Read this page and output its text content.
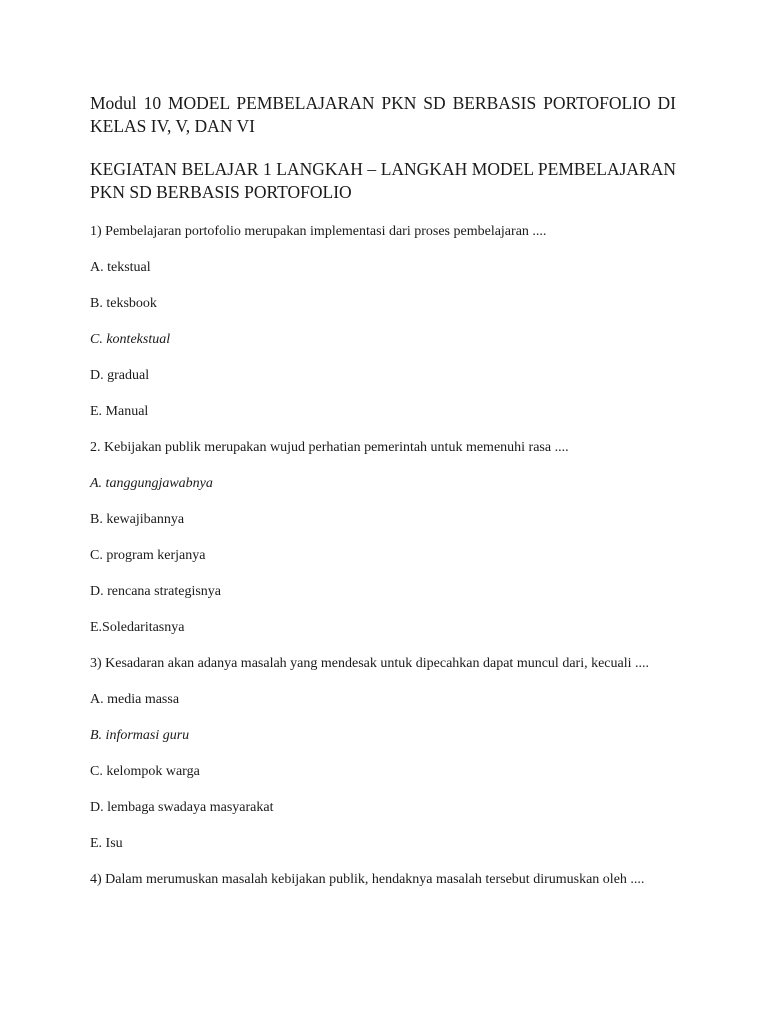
Modul 10 MODEL PEMBELAJARAN PKN SD BERBASIS PORTOFOLIO DI KELAS IV, V, DAN VI
KEGIATAN BELAJAR 1 LANGKAH – LANGKAH MODEL PEMBELAJARAN PKN SD BERBASIS PORTOFOLIO

1) Pembelajaran portofolio merupakan implementasi dari proses pembelajaran ....

A. tekstual

B. teksbook

C. kontekstual

D. gradual

E. Manual

2. Kebijakan publik merupakan wujud perhatian pemerintah untuk memenuhi rasa ....

A. tanggungjawabnya

B. kewajibannya

C. program kerjanya

D. rencana strategisnya

E.Soledaritasnya

3) Kesadaran akan adanya masalah yang mendesak untuk dipecahkan dapat muncul dari, kecuali ....

A. media massa

B. informasi guru

C. kelompok warga

D. lembaga swadaya masyarakat

E. Isu

4) Dalam merumuskan masalah kebijakan publik, hendaknya masalah tersebut dirumuskan oleh ....
